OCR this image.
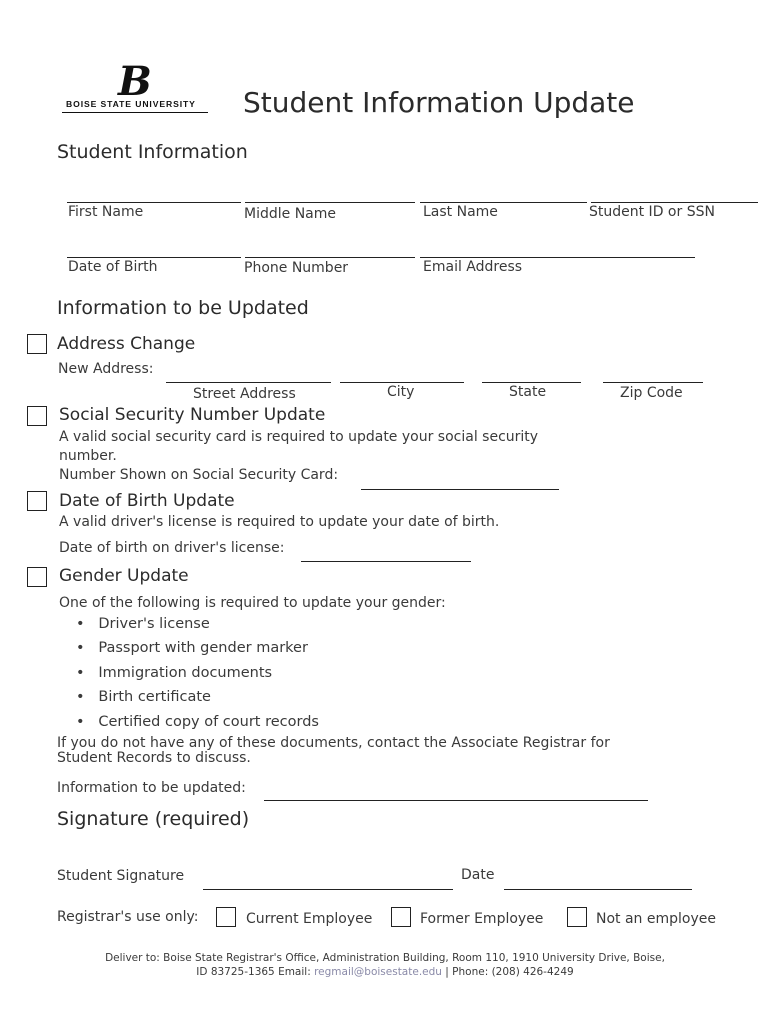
B
BOISE STATE UNIVERSITY Student Information Update
Student Information
First Name	Middle Name	Last Name	Student ID or SSN
Date of Birth	Phone Number	Email Address
Information to be Updated
Address Change
New Address:
Street Address	City	State	Zip Code
Social Security Number Update
A valid social security card is required to update your social security
number.
Number Shown on Social Security Card:
Date of Birth Update
A valid driver's license is required to update your date of birth.
Date of birth on driver's license:
Gender Update
One of the following is required to update your gender:
•   Driver's license
•   Passport with gender marker
•   Immigration documents
•   Birth certificate
•   Certified copy of court records
If you do not have any of these documents, contact the Associate Registrar for
Student Records to discuss.
Information to be updated:
Signature (required)
Student Signature	Date
Registrar's use only:	Current Employee	Former Employee	Not an employee
Deliver to: Boise State Registrar's Office, Administration Building, Room 110, 1910 University Drive, Boise,
ID 83725-1365 Email: regmail@boisestate.edu | Phone: (208) 426-4249
